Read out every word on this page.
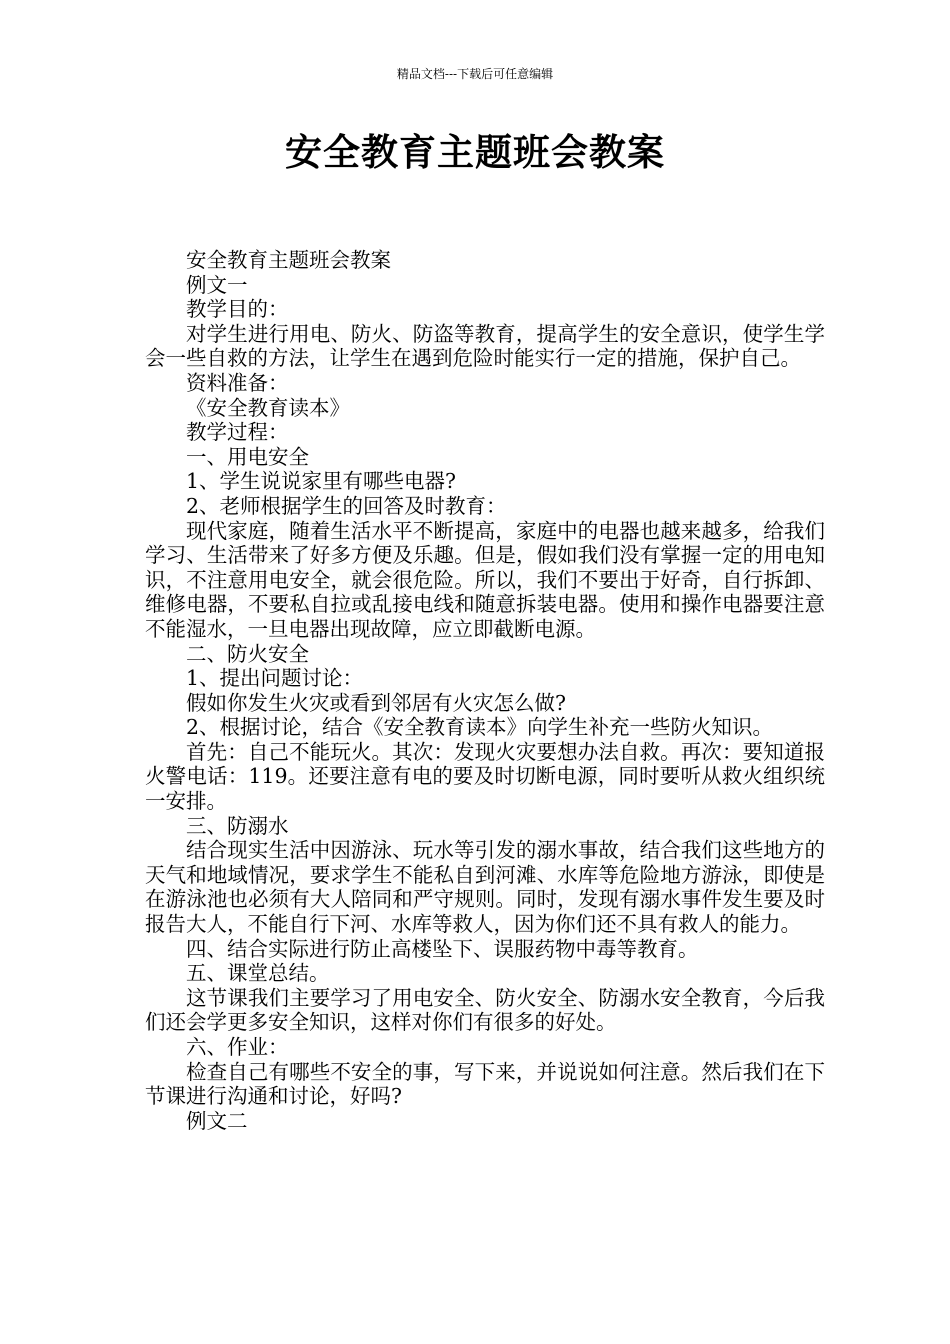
精品文档---下载后可任意编辑
安全教育主题班会教案

安全教育主题班会教案

例文一

教学目的：

对学生进行用电、防火、防盗等教育，提高学生的安全意识，使学生学会一些自救的方法，让学生在遇到危险时能实行一定的措施，保护自己。

资料准备：

《安全教育读本》

教学过程：

一、用电安全

1、学生说说家里有哪些电器?

2、老师根据学生的回答及时教育：

现代家庭，随着生活水平不断提高，家庭中的电器也越来越多，给我们学习、生活带来了好多方便及乐趣。但是，假如我们没有掌握一定的用电知识，不注意用电安全，就会很危险。所以，我们不要出于好奇，自行拆卸、维修电器，不要私自拉或乱接电线和随意拆装电器。使用和操作电器要注意不能湿水，一旦电器出现故障，应立即截断电源。

二、防火安全

1、提出问题讨论：

假如你发生火灾或看到邻居有火灾怎么做?

2、根据讨论，结合《安全教育读本》向学生补充一些防火知识。

首先：自己不能玩火。其次：发现火灾要想办法自救。再次：要知道报火警电话：119。还要注意有电的要及时切断电源，同时要听从救火组织统一安排。

三、防溺水

结合现实生活中因游泳、玩水等引发的溺水事故，结合我们这些地方的天气和地域情况，要求学生不能私自到河滩、水库等危险地方游泳，即使是在游泳池也必须有大人陪同和严守规则。同时，发现有溺水事件发生要及时报告大人，不能自行下河、水库等救人，因为你们还不具有救人的能力。

四、结合实际进行防止高楼坠下、误服药物中毒等教育。

五、课堂总结。

这节课我们主要学习了用电安全、防火安全、防溺水安全教育，今后我们还会学更多安全知识，这样对你们有很多的好处。

六、作业：

检查自己有哪些不安全的事，写下来，并说说如何注意。然后我们在下节课进行沟通和讨论，好吗?

例文二
